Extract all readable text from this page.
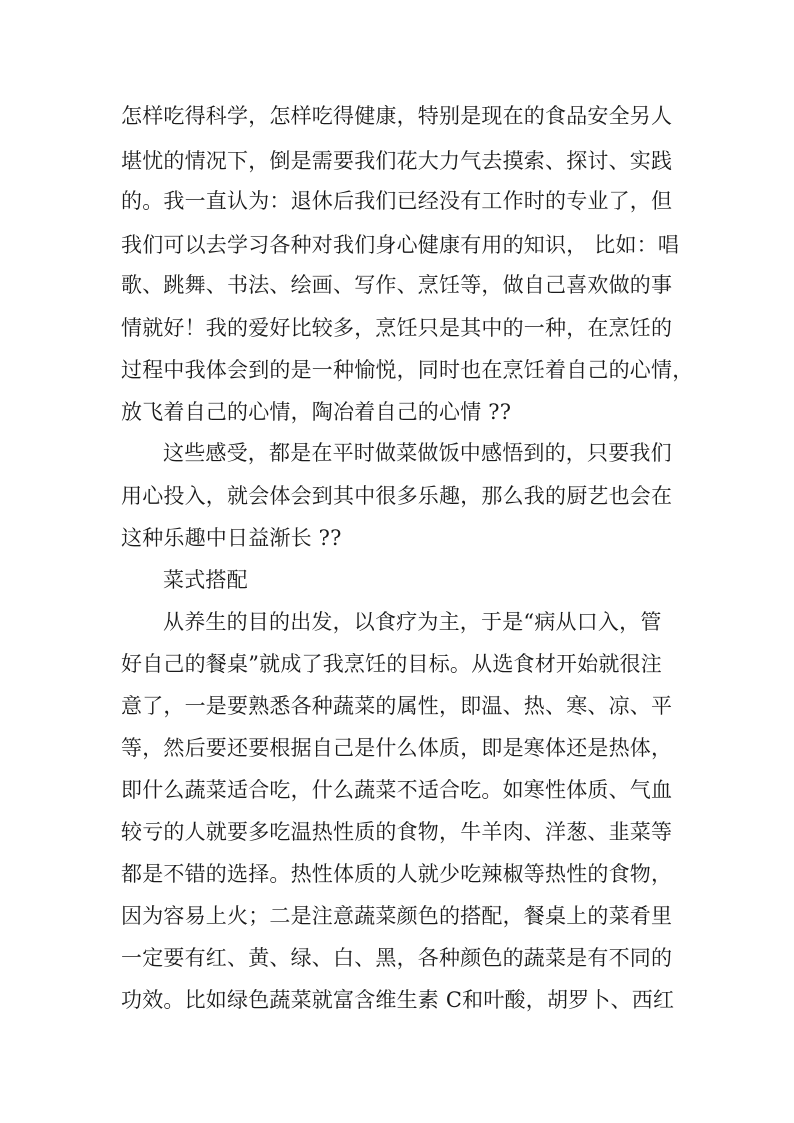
怎样吃得科学，怎样吃得健康，特别是现在的食品安全另人
堪忧的情况下，倒是需要我们花大力气去摸索、探讨、实践
的。我一直认为：退休后我们已经没有工作时的专业了，但
我们可以去学习各种对我们身心健康有用的知识， 比如：唱
歌、跳舞、书法、绘画、写作、烹饪等，做自己喜欢做的事
情就好！我的爱好比较多，烹饪只是其中的一种，在烹饪的
过程中我体会到的是一种愉悦，同时也在烹饪着自己的心情，
放飞着自己的心情，陶冶着自己的心情 ??
这些感受，都是在平时做菜做饭中感悟到的，只要我们
用心投入，就会体会到其中很多乐趣，那么我的厨艺也会在
这种乐趣中日益渐长 ??
菜式搭配
从养生的目的出发，以食疗为主，于是“病从口入，管
好自己的餐桌”就成了我烹饪的目标。从选食材开始就很注
意了，一是要熟悉各种蔬菜的属性，即温、热、寒、凉、平
等，然后要还要根据自己是什么体质，即是寒体还是热体，
即什么蔬菜适合吃，什么蔬菜不适合吃。如寒性体质、气血
较亏的人就要多吃温热性质的食物，牛羊肉、洋葱、韭菜等
都是不错的选择。热性体质的人就少吃辣椒等热性的食物，
因为容易上火；二是注意蔬菜颜色的搭配，餐桌上的菜肴里
一定要有红、黄、绿、白、黑，各种颜色的蔬菜是有不同的
功效。比如绿色蔬菜就富含维生素 C和叶酸，胡罗卜、西红
